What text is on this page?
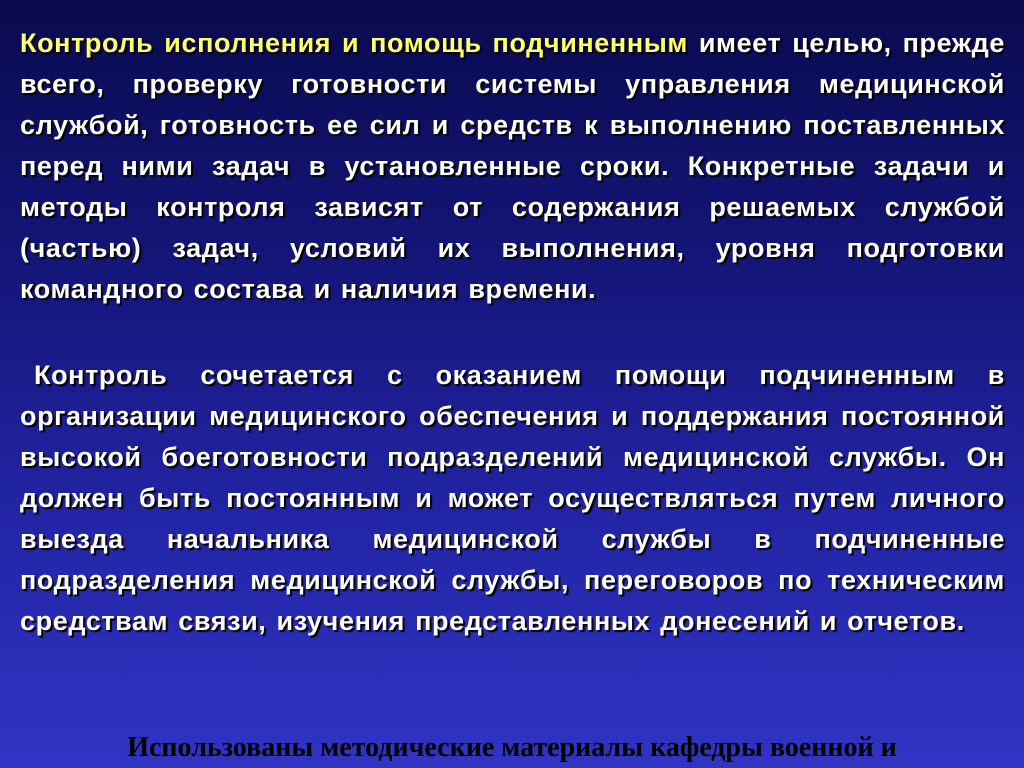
Контроль исполнения и помощь подчиненным имеет целью, прежде всего, проверку готовности системы управления медицинской службой, готовность ее сил и средств к выполнению поставленных перед ними задач в установленные сроки. Конкретные задачи и методы контроля зависят от содержания решаемых службой (частью) задач, условий их выполнения, уровня подготовки командного состава и наличия времени.

Контроль сочетается с оказанием помощи подчиненным в организации медицинского обеспечения и поддержания постоянной высокой боеготовности подразделений медицинской службы. Он должен быть постоянным и может осуществляться путем личного выезда начальника медицинской службы в подчиненные подразделения медицинской службы, переговоров по техническим средствам связи, изучения представленных донесений и отчетов.

Использованы методические материалы кафедры военной и
